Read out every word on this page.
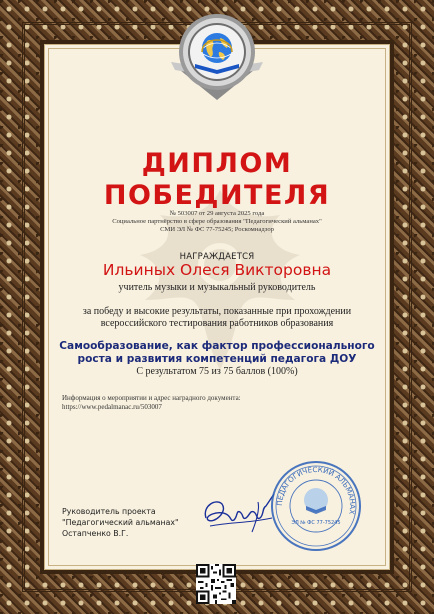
ДИПЛОМ
ПОБЕДИТЕЛЯ
№ 503007 от 29 августа 2025 года
Социальное партнёрство в сфере образования "Педагогический альманах"
СМИ ЭЛ № ФС 77-75245; Роскомнадзор
НАГРАЖДАЕТСЯ
Ильиных Олеся Викторовна
учитель музыки и музыкальный руководитель
за победу и высокие результаты, показанные при прохождении
всероссийского тестирования работников образования
Самообразование, как фактор профессионального
роста и развития компетенций педагога ДОУ
С результатом 75 из 75 баллов (100%)
Информация о мероприятии и адрес наградного документа:
https://www.pedalmanac.ru/503007
Руководитель проекта
"Педагогический альманах"
Остапченко В.Г.
ПЕДАГОГИЧЕСКИЙ АЛЬМАНАХ
ЭЛ № ФС 77-75245
